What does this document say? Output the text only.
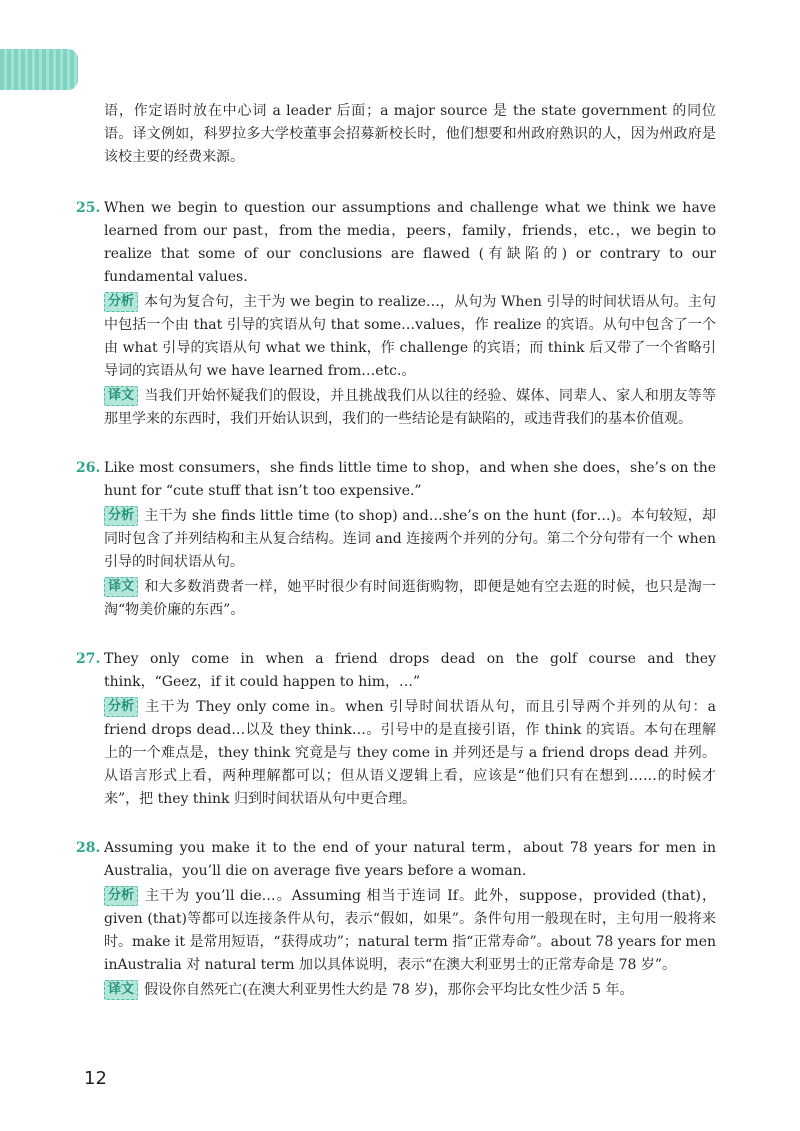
语，作定语时放在中心词 a leader 后面；a major source 是 the state government 的同位语。译文例如，科罗拉多大学校董事会招募新校长时，他们想要和州政府熟识的人，因为州政府是该校主要的经费来源。

25. When we begin to question our assumptions and challenge what we think we have learned from our past，from the media，peers，family，friends，etc.，we begin to realize that some of our conclusions are flawed (有缺陷的) or contrary to our fundamental values.

分析 本句为复合句，主干为 we begin to realize…，从句为 When 引导的时间状语从句。主句中包括一个由 that 引导的宾语从句 that some…values，作 realize 的宾语。从句中包含了一个由 what 引导的宾语从句 what we think，作 challenge 的宾语；而 think 后又带了一个省略引导词的宾语从句 we have learned from…etc.。

译文 当我们开始怀疑我们的假设，并且挑战我们从以往的经验、媒体、同辈人、家人和朋友等等那里学来的东西时，我们开始认识到，我们的一些结论是有缺陷的，或违背我们的基本价值观。

26. Like most consumers，she finds little time to shop，and when she does，she’s on the hunt for “cute stuff that isn’t too expensive.”

分析 主干为 she finds little time (to shop) and…she’s on the hunt (for…)。本句较短，却同时包含了并列结构和主从复合结构。连词 and 连接两个并列的分句。第二个分句带有一个 when 引导的时间状语从句。

译文 和大多数消费者一样，她平时很少有时间逛街购物，即便是她有空去逛的时候，也只是淘一淘“物美价廉的东西”。

27. They only come in when a friend drops dead on the golf course and they think，“Geez，if it could happen to him，…”

分析 主干为 They only come in。when 引导时间状语从句，而且引导两个并列的从句：a friend drops dead…以及 they think…。引号中的是直接引语，作 think 的宾语。本句在理解上的一个难点是，they think 究竟是与 they come in 并列还是与 a friend drops dead 并列。从语言形式上看，两种理解都可以；但从语义逻辑上看，应该是“他们只有在想到……的时候才来”，把 they think 归到时间状语从句中更合理。

28. Assuming you make it to the end of your natural term，about 78 years for men in Australia，you’ll die on average five years before a woman.

分析 主干为 you’ll die…。Assuming 相当于连词 If。此外，suppose，provided (that)，given (that)等都可以连接条件从句，表示“假如，如果”。条件句用一般现在时，主句用一般将来时。make it 是常用短语，“获得成功”；natural term 指“正常寿命”。about 78 years for men inAustralia 对 natural term 加以具体说明，表示“在澳大利亚男士的正常寿命是 78 岁”。

译文 假设你自然死亡(在澳大利亚男性大约是 78 岁)，那你会平均比女性少活 5 年。

12
